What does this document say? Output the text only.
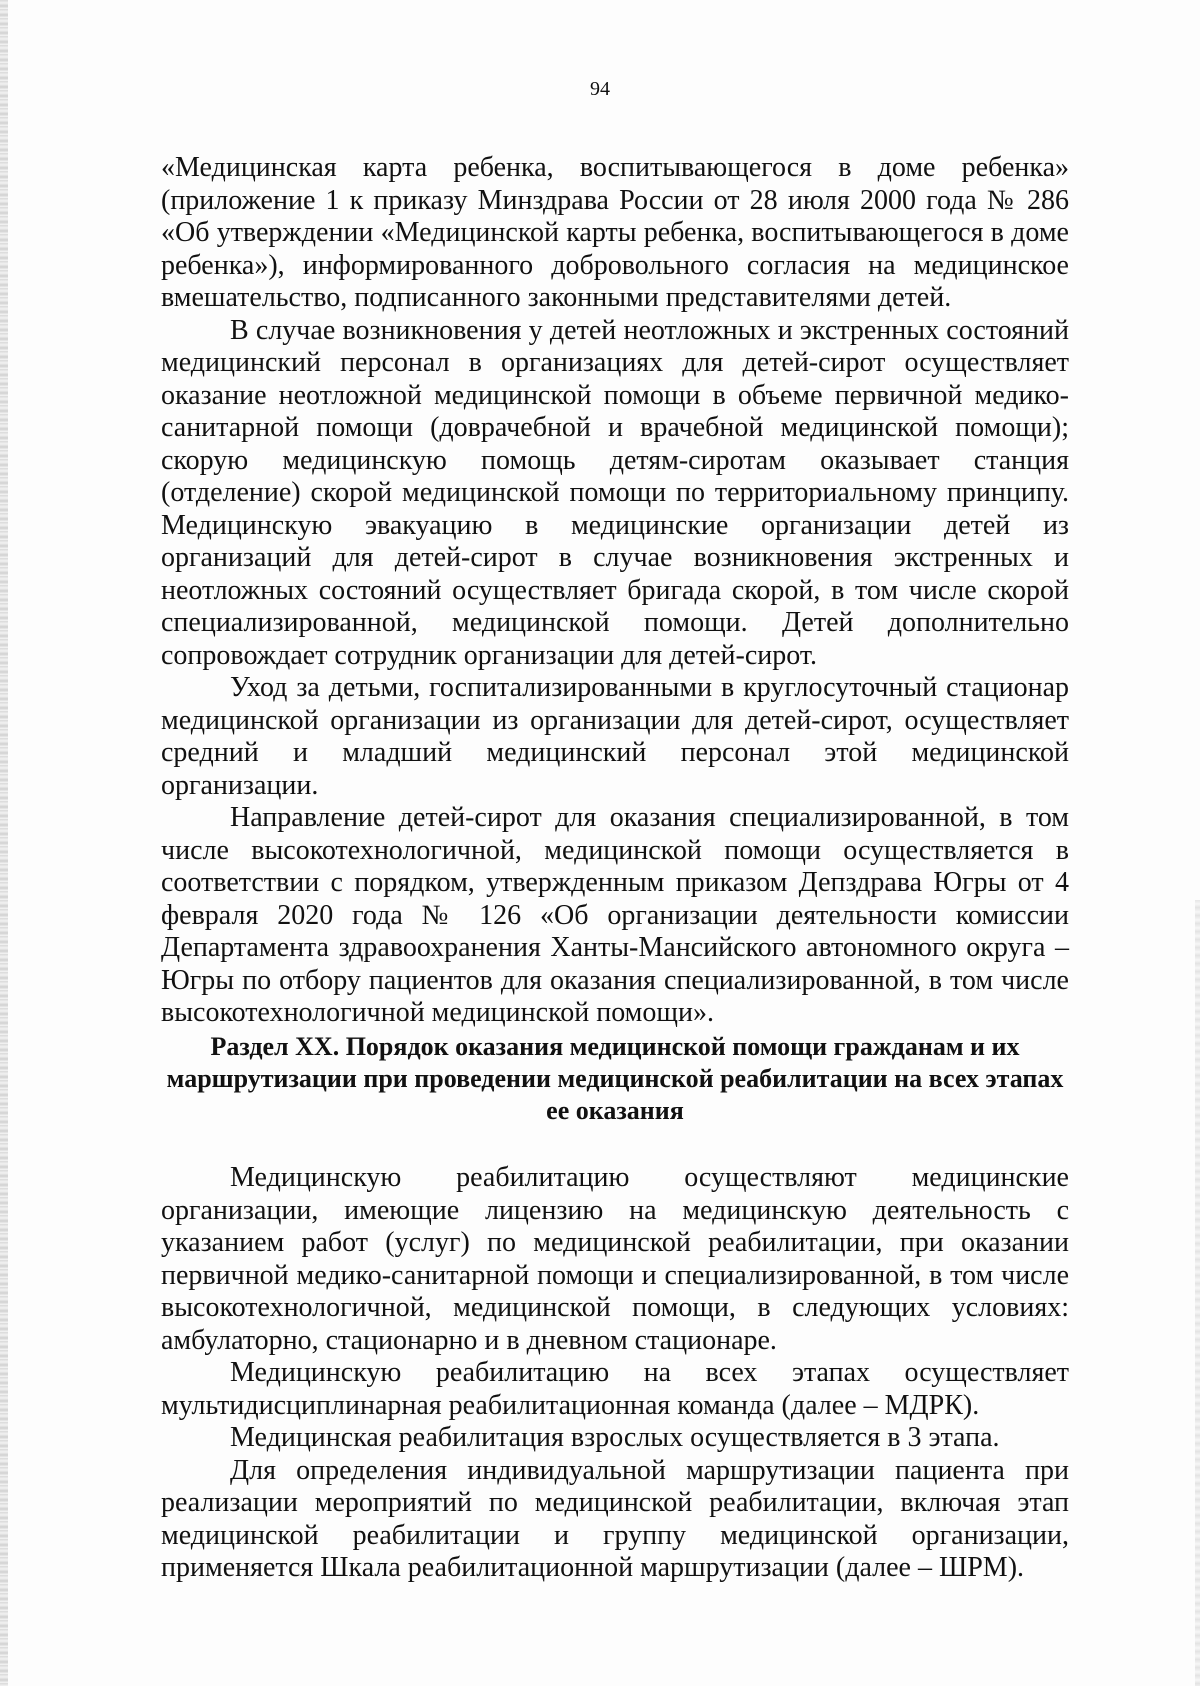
94

«Медицинская карта ребенка, воспитывающегося в доме ребенка» (приложение 1 к приказу Минздрава России от 28 июля 2000 года № 286 «Об утверждении «Медицинской карты ребенка, воспитывающегося в доме ребенка»), информированного добровольного согласия на медицинское вмешательство, подписанного законными представителями детей.

В случае возникновения у детей неотложных и экстренных состояний медицинский персонал в организациях для детей-сирот осуществляет оказание неотложной медицинской помощи в объеме первичной медико-санитарной помощи (доврачебной и врачебной медицинской помощи); скорую медицинскую помощь детям-сиротам оказывает станция (отделение) скорой медицинской помощи по территориальному принципу. Медицинскую эвакуацию в медицинские организации детей из организаций для детей-сирот в случае возникновения экстренных и неотложных состояний осуществляет бригада скорой, в том числе скорой специализированной, медицинской помощи. Детей дополнительно сопровождает сотрудник организации для детей-сирот.

Уход за детьми, госпитализированными в круглосуточный стационар медицинской организации из организации для детей-сирот, осуществляет средний и младший медицинский персонал этой медицинской организации.

Направление детей-сирот для оказания специализированной, в том числе высокотехнологичной, медицинской помощи осуществляется в соответствии с порядком, утвержденным приказом Депздрава Югры от 4 февраля 2020 года № 126 «Об организации деятельности комиссии Департамента здравоохранения Ханты-Мансийского автономного округа – Югры по отбору пациентов для оказания специализированной, в том числе высокотехнологичной медицинской помощи».

Раздел XX. Порядок оказания медицинской помощи гражданам и их маршрутизации при проведении медицинской реабилитации на всех этапах ее оказания

Медицинскую реабилитацию осуществляют медицинские организации, имеющие лицензию на медицинскую деятельность с указанием работ (услуг) по медицинской реабилитации, при оказании первичной медико-санитарной помощи и специализированной, в том числе высокотехнологичной, медицинской помощи, в следующих условиях: амбулаторно, стационарно и в дневном стационаре.

Медицинскую реабилитацию на всех этапах осуществляет мультидисциплинарная реабилитационная команда (далее – МДРК).

Медицинская реабилитация взрослых осуществляется в 3 этапа.

Для определения индивидуальной маршрутизации пациента при реализации мероприятий по медицинской реабилитации, включая этап медицинской реабилитации и группу медицинской организации, применяется Шкала реабилитационной маршрутизации (далее – ШРМ).
